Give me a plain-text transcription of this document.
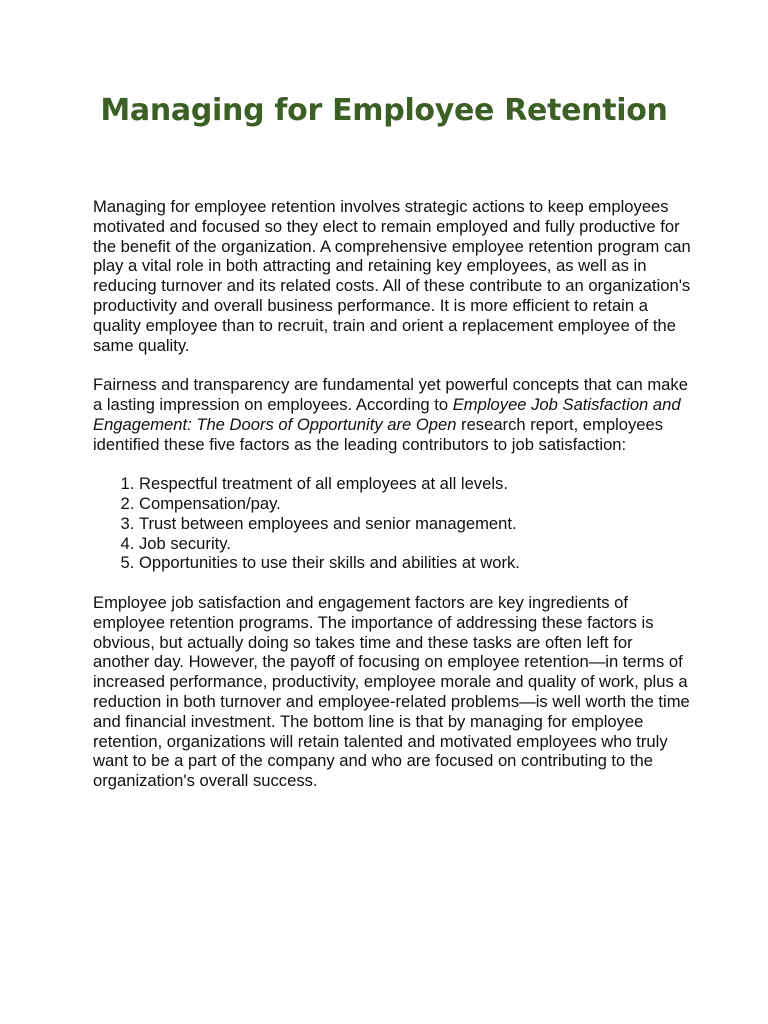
Managing for Employee Retention

Managing for employee retention involves strategic actions to keep employees motivated and focused so they elect to remain employed and fully productive for the benefit of the organization. A comprehensive employee retention program can play a vital role in both attracting and retaining key employees, as well as in reducing turnover and its related costs. All of these contribute to an organization's productivity and overall business performance. It is more efficient to retain a quality employee than to recruit, train and orient a replacement employee of the same quality.

Fairness and transparency are fundamental yet powerful concepts that can make a lasting impression on employees. According to Employee Job Satisfaction and Engagement: The Doors of Opportunity are Open research report, employees identified these five factors as the leading contributors to job satisfaction:

1. Respectful treatment of all employees at all levels.
2. Compensation/pay.
3. Trust between employees and senior management.
4. Job security.
5. Opportunities to use their skills and abilities at work.

Employee job satisfaction and engagement factors are key ingredients of employee retention programs. The importance of addressing these factors is obvious, but actually doing so takes time and these tasks are often left for another day. However, the payoff of focusing on employee retention—in terms of increased performance, productivity, employee morale and quality of work, plus a reduction in both turnover and employee-related problems—is well worth the time and financial investment. The bottom line is that by managing for employee retention, organizations will retain talented and motivated employees who truly want to be a part of the company and who are focused on contributing to the organization's overall success.
